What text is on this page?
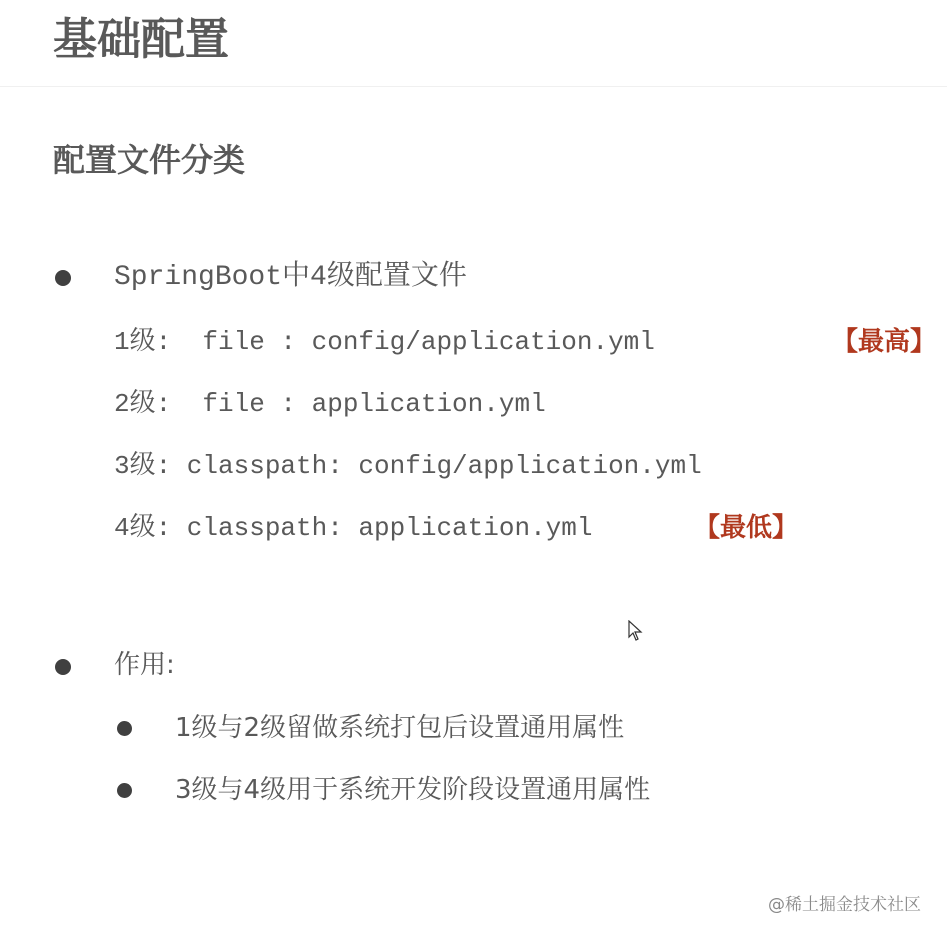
基础配置
配置文件分类
SpringBoot中4级配置文件
1级:  file : config/application.yml	【最高】
2级:  file : application.yml
3级: classpath: config/application.yml
4级: classpath: application.yml	【最低】
作用:
1级与2级留做系统打包后设置通用属性
3级与4级用于系统开发阶段设置通用属性
@稀土掘金技术社区
